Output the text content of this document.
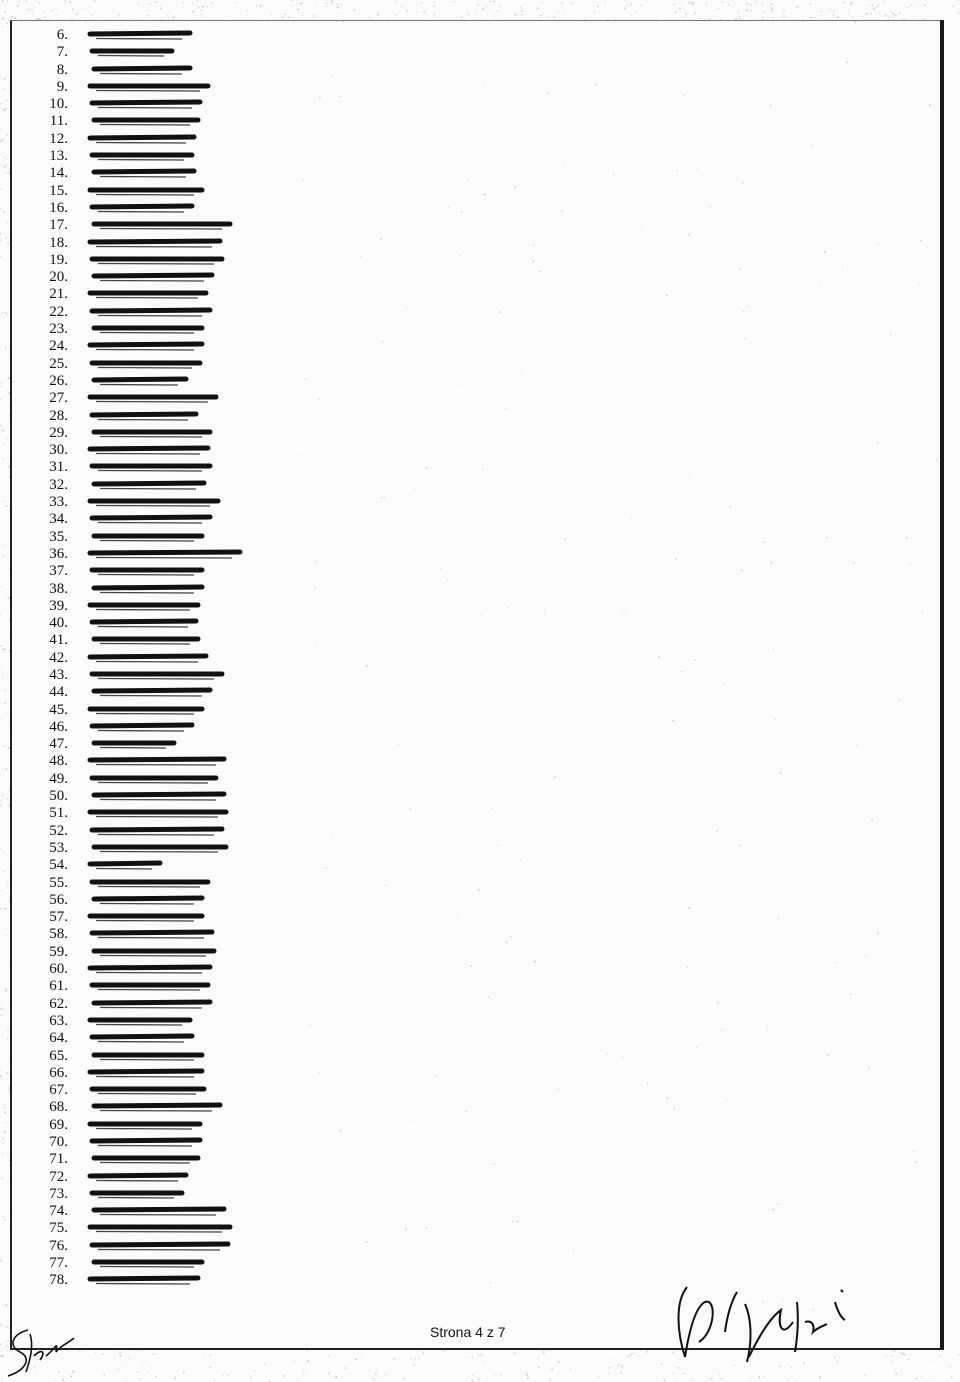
6.
7.
8.
9.
10.
11.
12.
13.
14.
15.
16.
17.
18.
19.
20.
21.
22.
23.
24.
25.
26.
27.
28.
29.
30.
31.
32.
33.
34.
35.
36.
37.
38.
39.
40.
41.
42.
43.
44.
45.
46.
47.
48.
49.
50.
51.
52.
53.
54.
55.
56.
57.
58.
59.
60.
61.
62.
63.
64.
65.
66.
67.
68.
69.
70.
71.
72.
73.
74.
75.
76.
77.
78.
Strona 4 z 7
